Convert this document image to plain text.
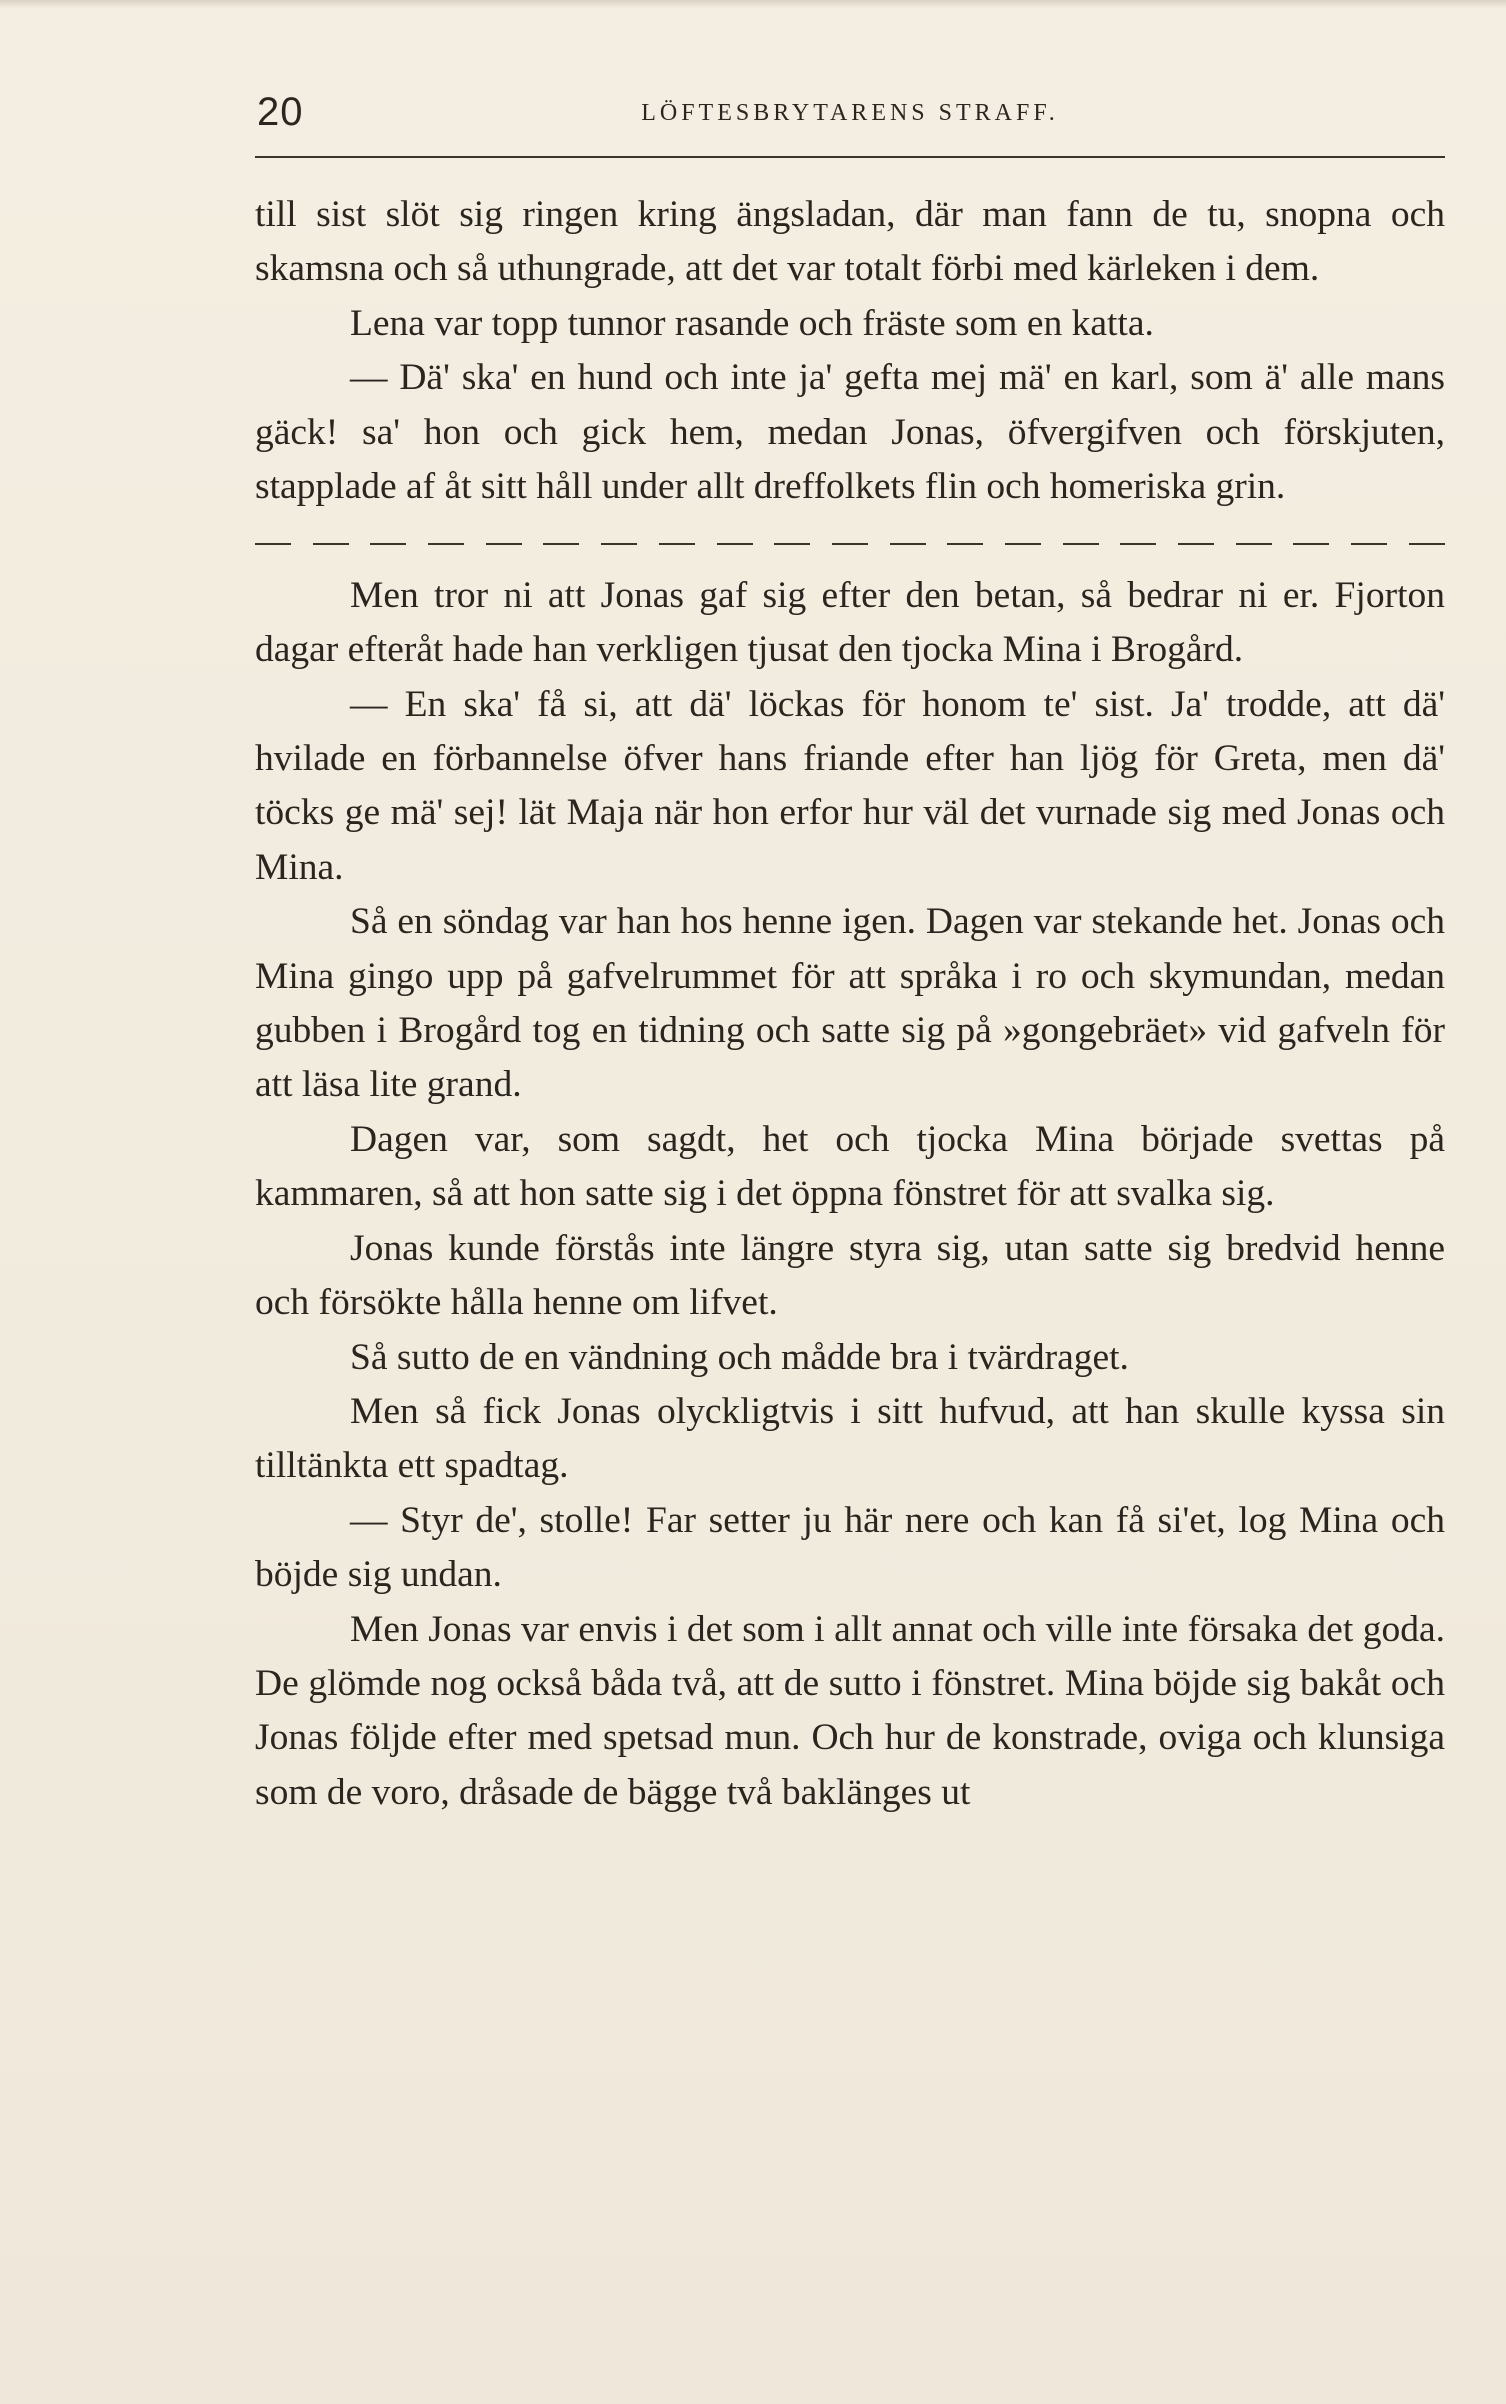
20	LÖFTESBRYTARENS STRAFF.

till sist slöt sig ringen kring ängsladan, där man fann de tu, snopna och skamsna och så uthungrade, att det var totalt förbi med kärleken i dem.

Lena var topp tunnor rasande och fräste som en katta.

— Dä' ska' en hund och inte ja' gefta mej mä' en karl, som ä' alle mans gäck! sa' hon och gick hem, medan Jonas, öfvergifven och förskjuten, stapplade af åt sitt håll under allt dreffolkets flin och homeriska grin.

Men tror ni att Jonas gaf sig efter den betan, så bedrar ni er. Fjorton dagar efteråt hade han verkligen tjusat den tjocka Mina i Brogård.

— En ska' få si, att dä' löckas för honom te' sist. Ja' trodde, att dä' hvilade en förbannelse öfver hans friande efter han ljög för Greta, men dä' töcks ge mä' sej! lät Maja när hon erfor hur väl det vurnade sig med Jonas och Mina.

Så en söndag var han hos henne igen. Dagen var stekande het. Jonas och Mina gingo upp på gafvelrummet för att språka i ro och skymundan, medan gubben i Brogård tog en tidning och satte sig på »gongebräet» vid gafveln för att läsa lite grand.

Dagen var, som sagdt, het och tjocka Mina började svettas på kammaren, så att hon satte sig i det öppna fönstret för att svalka sig.

Jonas kunde förstås inte längre styra sig, utan satte sig bredvid henne och försökte hålla henne om lifvet.

Så sutto de en vändning och mådde bra i tvärdraget.

Men så fick Jonas olyckligtvis i sitt hufvud, att han skulle kyssa sin tilltänkta ett spadtag.

— Styr de', stolle! Far setter ju här nere och kan få si'et, log Mina och böjde sig undan.

Men Jonas var envis i det som i allt annat och ville inte försaka det goda. De glömde nog också båda två, att de sutto i fönstret. Mina böjde sig bakåt och Jonas följde efter med spetsad mun. Och hur de konstrade, oviga och klunsiga som de voro, dråsade de bägge två baklänges ut
